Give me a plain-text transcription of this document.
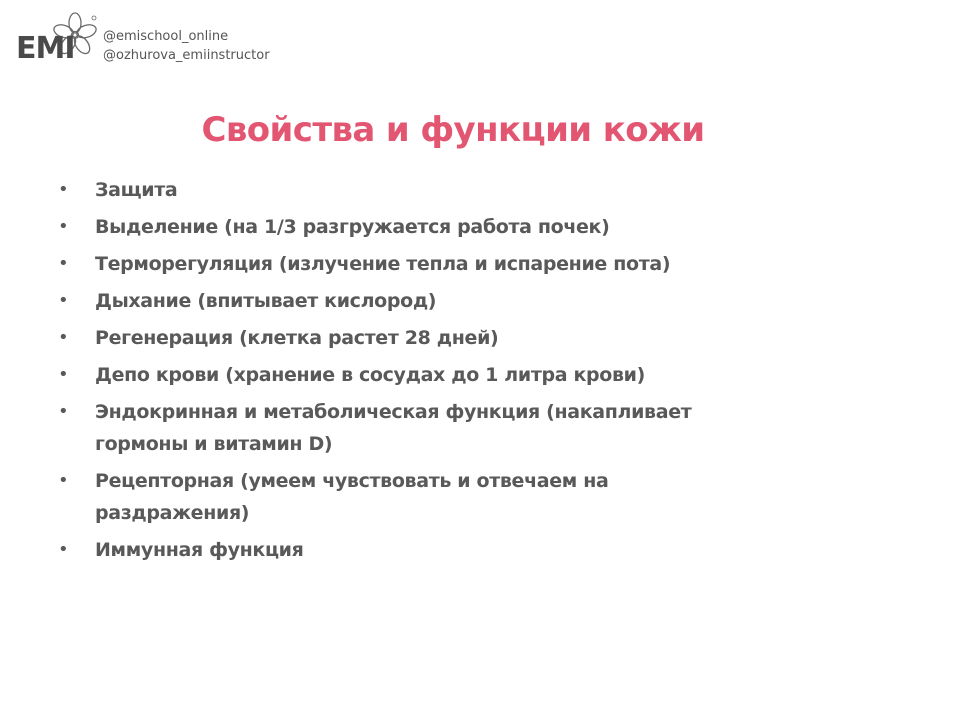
EMI @emischool_online
@ozhurova_emiinstructor
Свойства и функции кожи
• Защита
• Выделение (на 1/3 разгружается работа почек)
• Терморегуляция (излучение тепла и испарение пота)
• Дыхание (впитывает кислород)
• Регенерация (клетка растет 28 дней)
• Депо крови (хранение в сосудах до 1 литра крови)
• Эндокринная и метаболическая функция (накапливает гормоны и витамин D)
• Рецепторная (умеем чувствовать и отвечаем на раздражения)
• Иммунная функция
